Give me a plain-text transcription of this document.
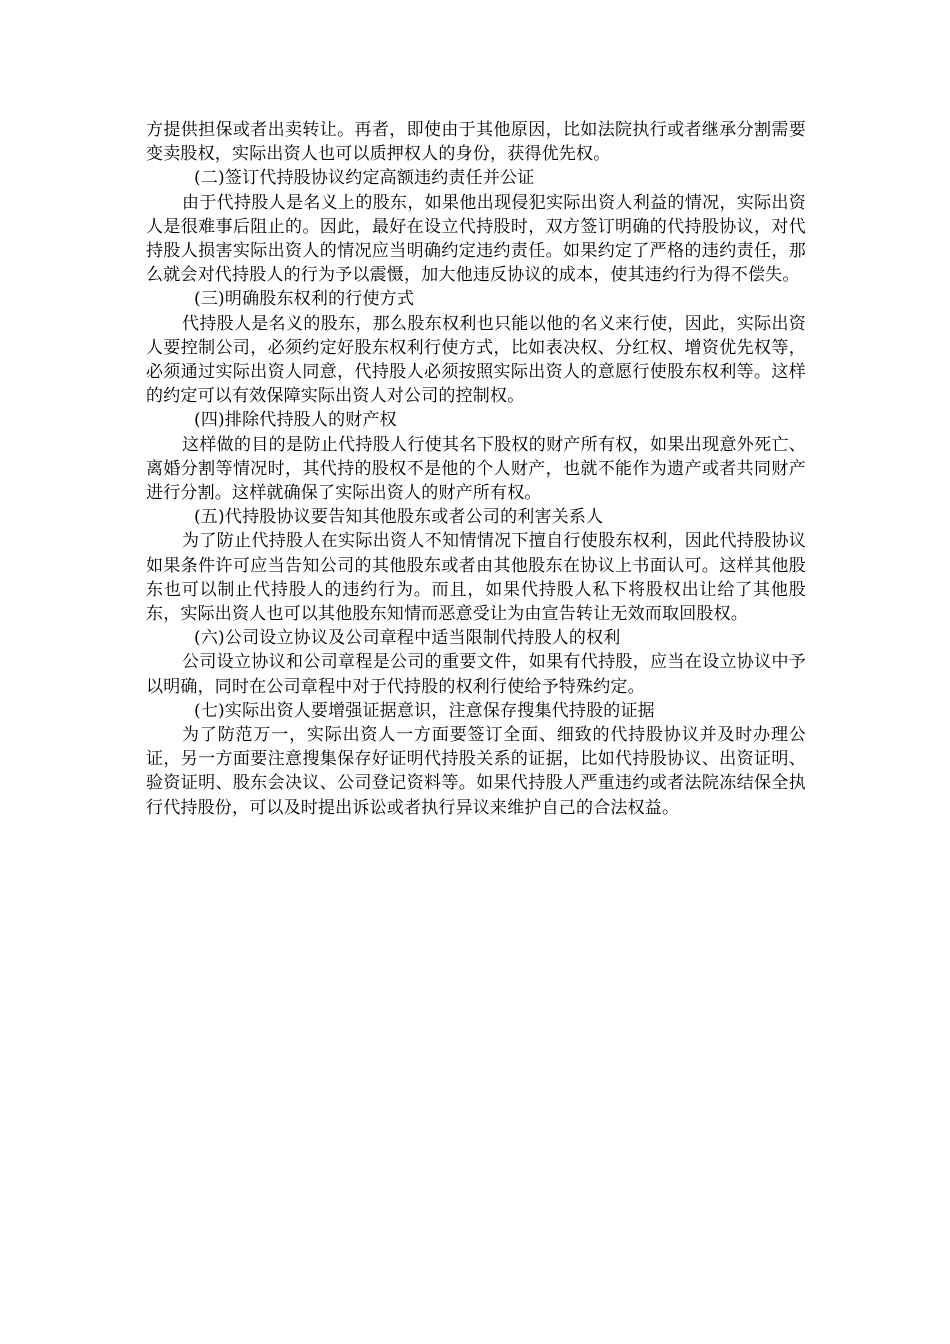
方提供担保或者出卖转让。再者，即使由于其他原因，比如法院执行或者继承分割需要变卖股权，实际出资人也可以质押权人的身份，获得优先权。

(二)签订代持股协议约定高额违约责任并公证

由于代持股人是名义上的股东，如果他出现侵犯实际出资人利益的情况，实际出资人是很难事后阻止的。因此，最好在设立代持股时，双方签订明确的代持股协议，对代持股人损害实际出资人的情况应当明确约定违约责任。如果约定了严格的违约责任，那么就会对代持股人的行为予以震慑，加大他违反协议的成本，使其违约行为得不偿失。

(三)明确股东权利的行使方式

代持股人是名义的股东，那么股东权利也只能以他的名义来行使，因此，实际出资人要控制公司，必须约定好股东权利行使方式，比如表决权、分红权、增资优先权等，必须通过实际出资人同意，代持股人必须按照实际出资人的意愿行使股东权利等。这样的约定可以有效保障实际出资人对公司的控制权。

(四)排除代持股人的财产权

这样做的目的是防止代持股人行使其名下股权的财产所有权，如果出现意外死亡、离婚分割等情况时，其代持的股权不是他的个人财产，也就不能作为遗产或者共同财产进行分割。这样就确保了实际出资人的财产所有权。

(五)代持股协议要告知其他股东或者公司的利害关系人

为了防止代持股人在实际出资人不知情情况下擅自行使股东权利，因此代持股协议如果条件许可应当告知公司的其他股东或者由其他股东在协议上书面认可。这样其他股东也可以制止代持股人的违约行为。而且，如果代持股人私下将股权出让给了其他股东，实际出资人也可以其他股东知情而恶意受让为由宣告转让无效而取回股权。

(六)公司设立协议及公司章程中适当限制代持股人的权利

公司设立协议和公司章程是公司的重要文件，如果有代持股，应当在设立协议中予以明确，同时在公司章程中对于代持股的权利行使给予特殊约定。

(七)实际出资人要增强证据意识，注意保存搜集代持股的证据

为了防范万一，实际出资人一方面要签订全面、细致的代持股协议并及时办理公证，另一方面要注意搜集保存好证明代持股关系的证据，比如代持股协议、出资证明、验资证明、股东会决议、公司登记资料等。如果代持股人严重违约或者法院冻结保全执行代持股份，可以及时提出诉讼或者执行异议来维护自己的合法权益。
